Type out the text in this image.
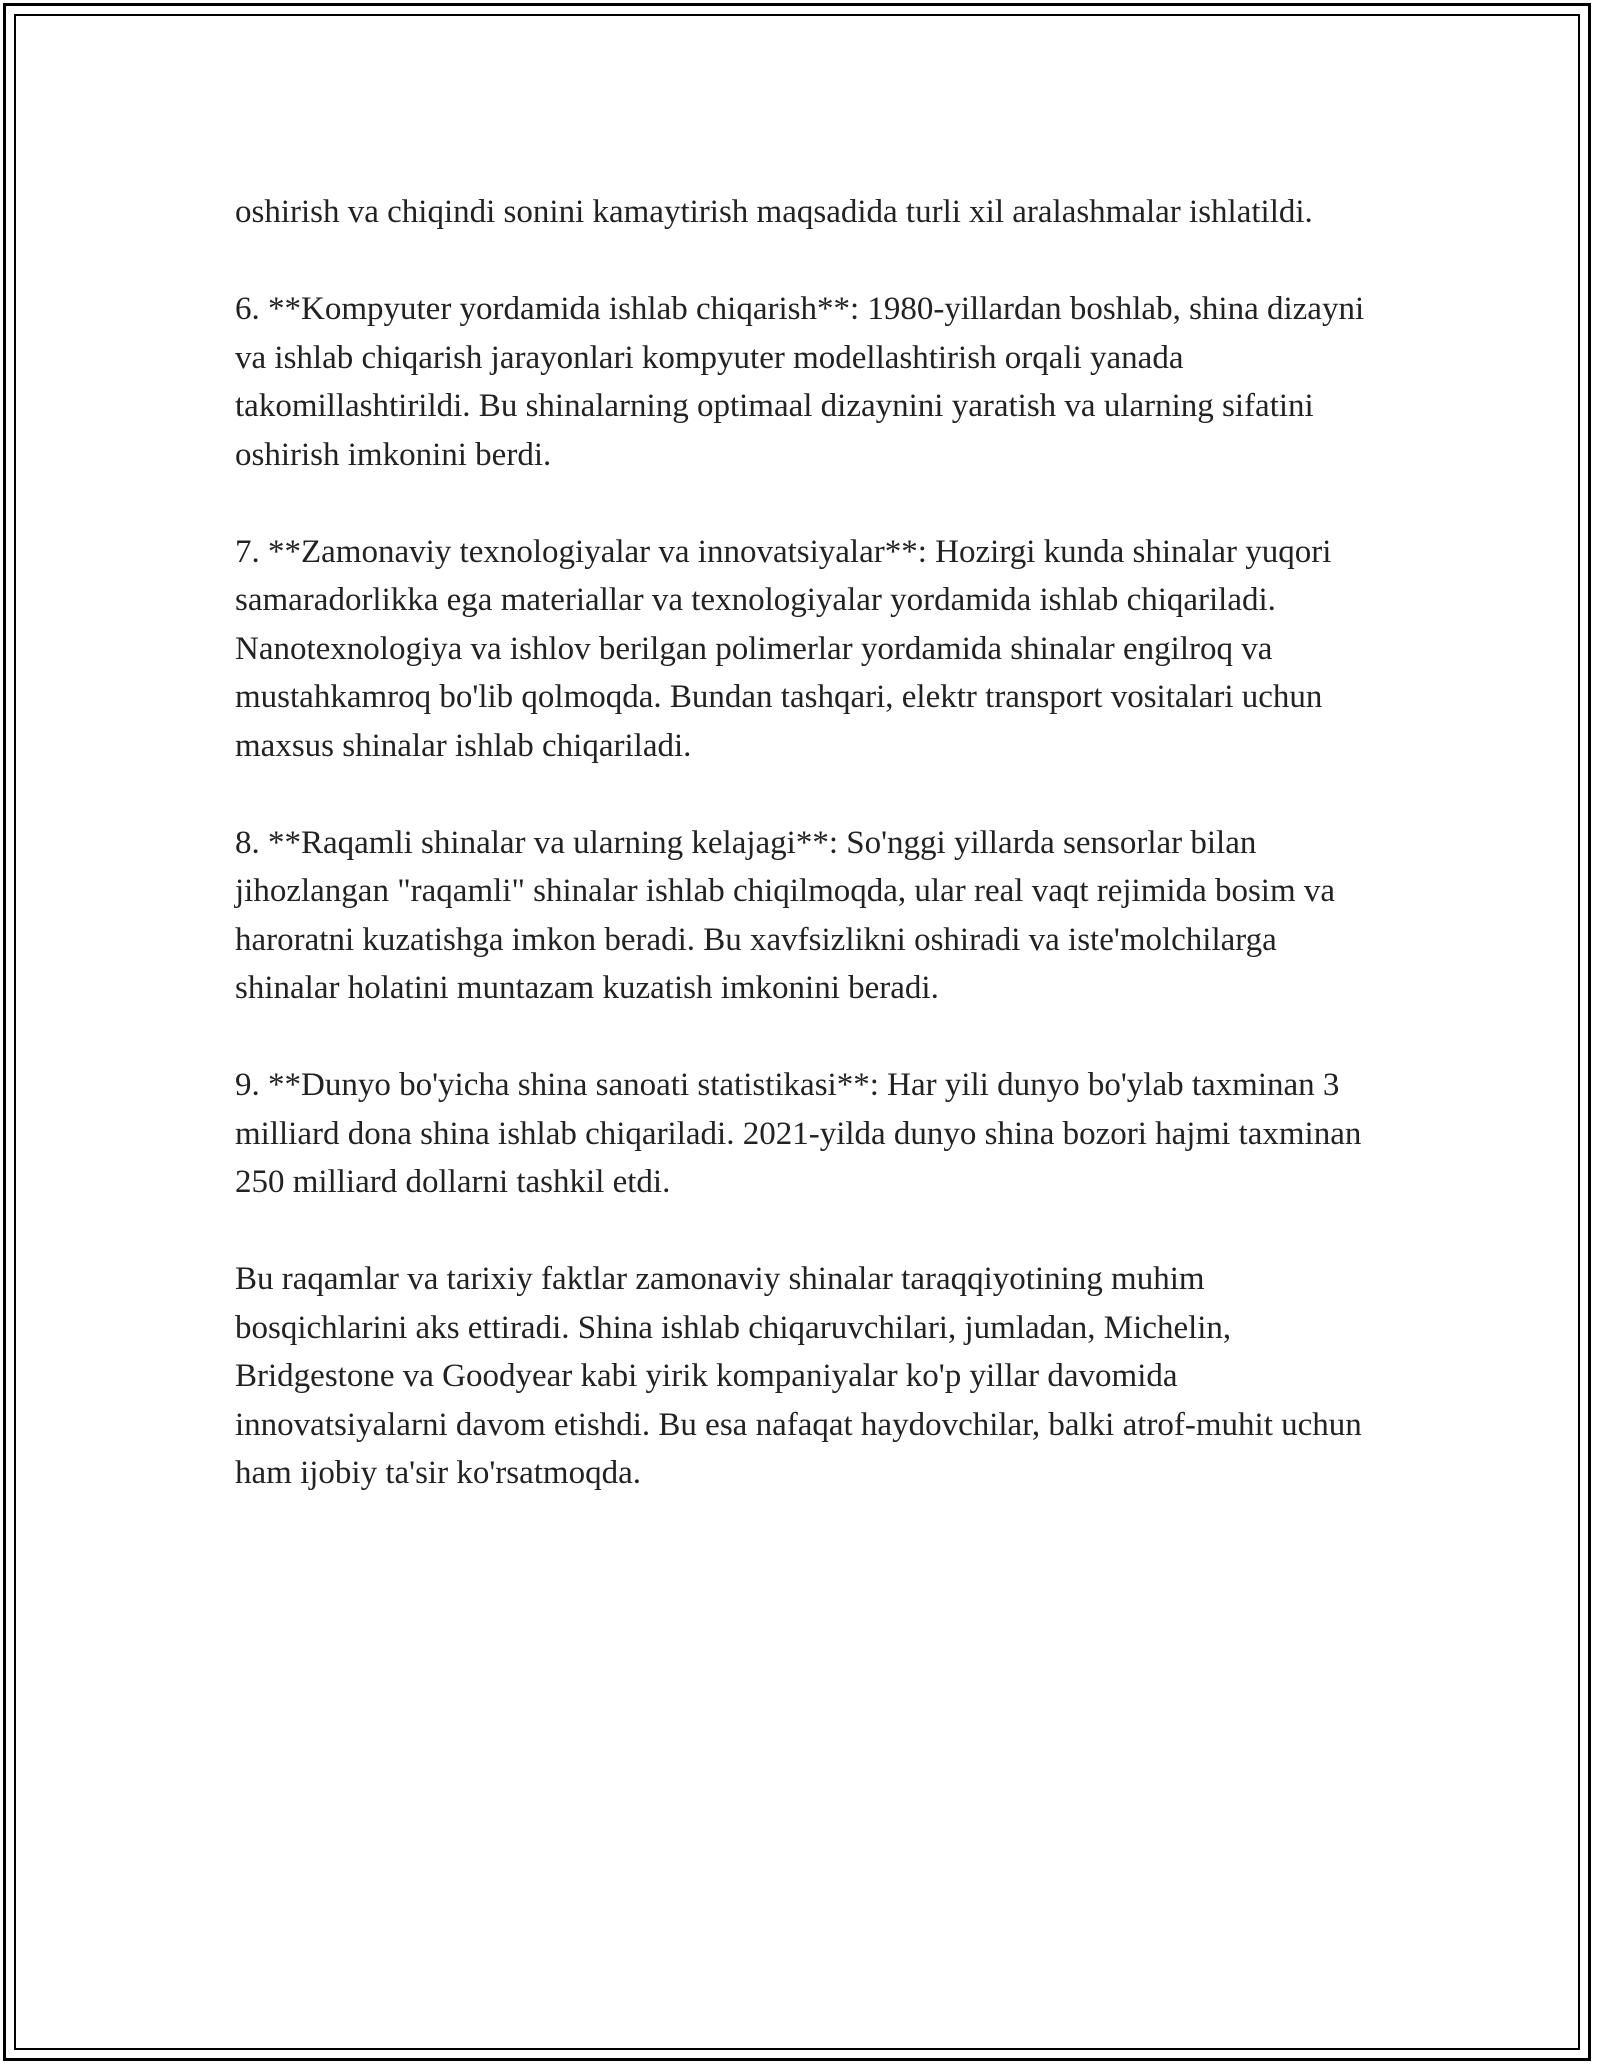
oshirish va chiqindi sonini kamaytirish maqsadida turli xil aralashmalar ishlatildi.

6. **Kompyuter yordamida ishlab chiqarish**: 1980-yillardan boshlab, shina dizayni va ishlab chiqarish jarayonlari kompyuter modellashtirish orqali yanada takomillashtirildi. Bu shinalarning optimaal dizaynini yaratish va ularning sifatini oshirish imkonini berdi.

7. **Zamonaviy texnologiyalar va innovatsiyalar**: Hozirgi kunda shinalar yuqori samaradorlikka ega materiallar va texnologiyalar yordamida ishlab chiqariladi. Nanotexnologiya va ishlov berilgan polimerlar yordamida shinalar engilroq va mustahkamroq bo'lib qolmoqda. Bundan tashqari, elektr transport vositalari uchun maxsus shinalar ishlab chiqariladi.

8. **Raqamli shinalar va ularning kelajagi**: So'nggi yillarda sensorlar bilan jihozlangan "raqamli" shinalar ishlab chiqilmoqda, ular real vaqt rejimida bosim va haroratni kuzatishga imkon beradi. Bu xavfsizlikni oshiradi va iste'molchilarga shinalar holatini muntazam kuzatish imkonini beradi.

9. **Dunyo bo'yicha shina sanoati statistikasi**: Har yili dunyo bo'ylab taxminan 3 milliard dona shina ishlab chiqariladi. 2021-yilda dunyo shina bozori hajmi taxminan 250 milliard dollarni tashkil etdi.

Bu raqamlar va tarixiy faktlar zamonaviy shinalar taraqqiyotining muhim bosqichlarini aks ettiradi. Shina ishlab chiqaruvchilari, jumladan, Michelin, Bridgestone va Goodyear kabi yirik kompaniyalar ko'p yillar davomida innovatsiyalarni davom etishdi. Bu esa nafaqat haydovchilar, balki atrof-muhit uchun ham ijobiy ta'sir ko'rsatmoqda.
